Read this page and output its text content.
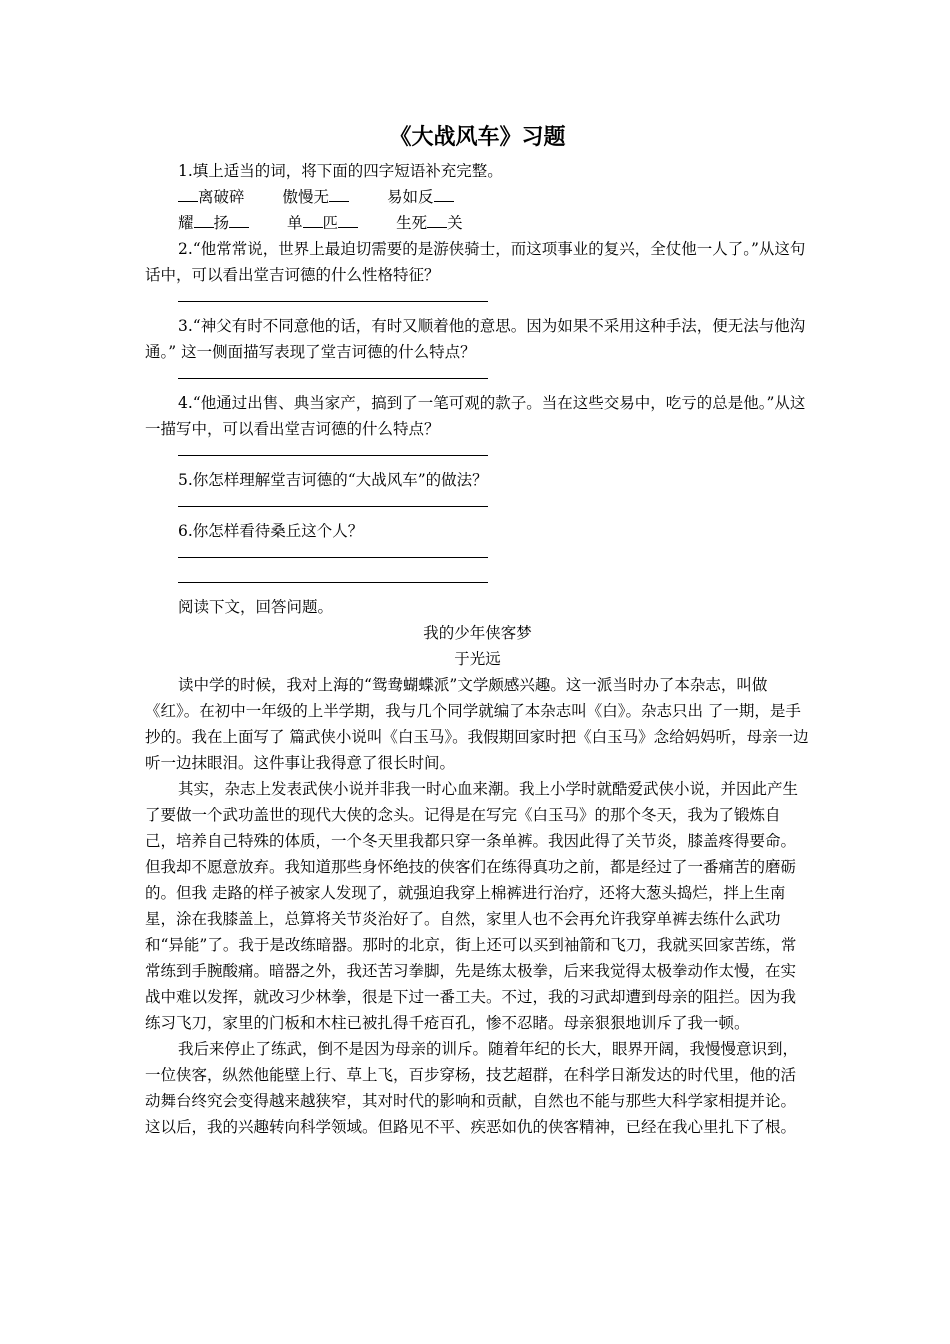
《大战风车》习题

1.填上适当的词，将下面的四字短语补充完整。

离破碎 傲慢无	易如反
耀 扬	单 匹	生死 关

2.“他常常说，世界上最迫切需要的是游侠骑士，而这项事业的复兴，全仗他一人了。”从这句话中，可以看出堂吉诃德的什么性格特征？

3.“神父有时不同意他的话，有时又顺着他的意思。因为如果不采用这种手法，便无法与他沟通。” 这一侧面描写表现了堂吉诃德的什么特点？

4.“他通过出售、典当家产，搞到了一笔可观的款子。当在这些交易中，吃亏的总是他。”从这一描写中，可以看出堂吉诃德的什么特点？

5.你怎样理解堂吉诃德的“大战风车”的做法？

6.你怎样看待桑丘这个人？

阅读下文，回答问题。

我的少年侠客梦

于光远

读中学的时候，我对上海的“鸳鸯蝴蝶派”文学颇感兴趣。这一派当时办了本杂志，叫做《红》。在初中一年级的上半学期，我与几个同学就编了本杂志叫《白》。杂志只出 了一期，是手抄的。我在上面写了 篇武侠小说叫《白玉马》。我假期回家时把《白玉马》念给妈妈听，母亲一边听一边抹眼泪。这件事让我得意了很长时间。

其实，杂志上发表武侠小说并非我一时心血来潮。我上小学时就酷爱武侠小说，并因此产生了要做一个武功盖世的现代大侠的念头。记得是在写完《白玉马》的那个冬天，我为了锻炼自己，培养自己特殊的体质，一个冬天里我都只穿一条单裤。我因此得了关节炎，膝盖疼得要命。但我却不愿意放弃。我知道那些身怀绝技的侠客们在练得真功之前，都是经过了一番痛苦的磨砺的。但我 走路的样子被家人发现了，就强迫我穿上棉裤进行治疗，还将大葱头捣烂，拌上生南星，涂在我膝盖上，总算将关节炎治好了。自然，家里人也不会再允许我穿单裤去练什么武功和“异能”了。我于是改练暗器。那时的北京，街上还可以买到袖箭和飞刀，我就买回家苦练，常常练到手腕酸痛。暗器之外，我还苦习拳脚，先是练太极拳，后来我觉得太极拳动作太慢，在实战中难以发挥，就改习少林拳，很是下过一番工夫。不过，我的习武却遭到母亲的阻拦。因为我 练习飞刀，家里的门板和木柱已被扎得千疮百孔，惨不忍睹。母亲狠狠地训斥了我一顿。

我后来停止了练武，倒不是因为母亲的训斥。随着年纪的长大，眼界开阔，我慢慢意识到，一位侠客，纵然他能壁上行、草上飞，百步穿杨，技艺超群，在科学日渐发达的时代里，他的活动舞台终究会变得越来越狭窄，其对时代的影响和贡献，自然也不能与那些大科学家相提并论。这以后，我的兴趣转向科学领域。但路见不平、疾恶如仇的侠客精神，已经在我心里扎下了根。
